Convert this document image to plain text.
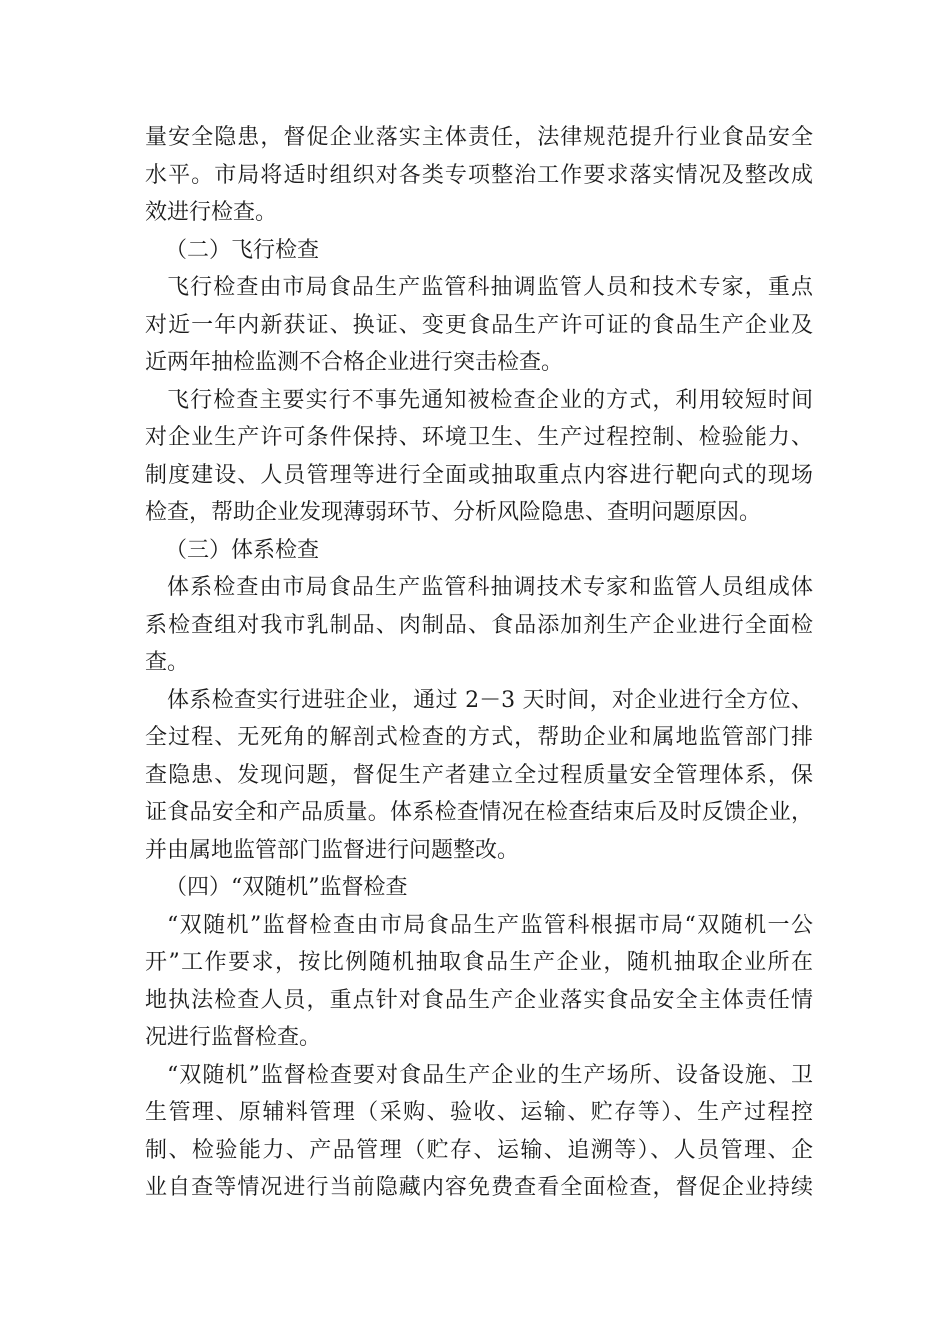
量安全隐患，督促企业落实主体责任，法律规范提升行业食品安全
水平。市局将适时组织对各类专项整治工作要求落实情况及整改成
效进行检查。
（二）飞行检查
飞行检查由市局食品生产监管科抽调监管人员和技术专家，重点
对近一年内新获证、换证、变更食品生产许可证的食品生产企业及
近两年抽检监测不合格企业进行突击检查。
飞行检查主要实行不事先通知被检查企业的方式，利用较短时间
对企业生产许可条件保持、环境卫生、生产过程控制、检验能力、
制度建设、人员管理等进行全面或抽取重点内容进行靶向式的现场
检查，帮助企业发现薄弱环节、分析风险隐患、查明问题原因。
（三）体系检查
体系检查由市局食品生产监管科抽调技术专家和监管人员组成体
系检查组对我市乳制品、肉制品、食品添加剂生产企业进行全面检
查。
体系检查实行进驻企业，通过 2－3 天时间，对企业进行全方位、
全过程、无死角的解剖式检查的方式，帮助企业和属地监管部门排
查隐患、发现问题，督促生产者建立全过程质量安全管理体系，保
证食品安全和产品质量。体系检查情况在检查结束后及时反馈企业，
并由属地监管部门监督进行问题整改。
（四）“双随机”监督检查
“双随机”监督检查由市局食品生产监管科根据市局“双随机一公
开”工作要求，按比例随机抽取食品生产企业，随机抽取企业所在
地执法检查人员，重点针对食品生产企业落实食品安全主体责任情
况进行监督检查。
“双随机”监督检查要对食品生产企业的生产场所、设备设施、卫
生管理、原辅料管理（采购、验收、运输、贮存等）、生产过程控
制、检验能力、产品管理（贮存、运输、追溯等）、人员管理、企
业自查等情况进行当前隐藏内容免费查看全面检查，督促企业持续
